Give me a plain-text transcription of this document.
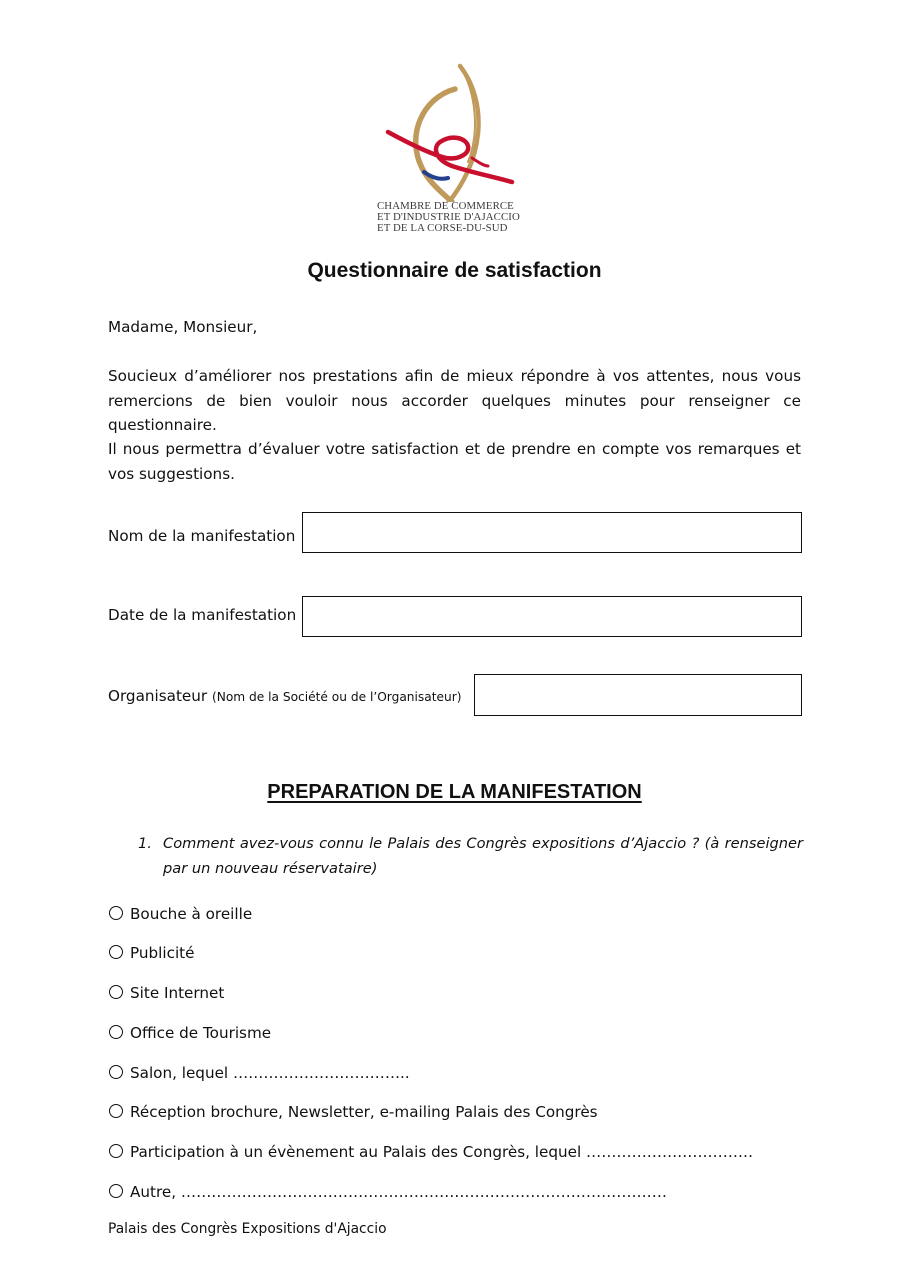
CHAMBRE DE COMMERCE
ET D'INDUSTRIE D'AJACCIO
ET DE LA CORSE-DU-SUD
Questionnaire de satisfaction
Madame, Monsieur,
Soucieux d’améliorer nos prestations afin de mieux répondre à vos attentes, nous vous remercions de bien vouloir nous accorder quelques minutes pour renseigner ce questionnaire.
Il nous permettra d’évaluer votre satisfaction et de prendre en compte vos remarques et vos suggestions.
Nom de la manifestation
Date de la manifestation
Organisateur (Nom de la Société ou de l’Organisateur)
PREPARATION DE LA MANIFESTATION
1. Comment avez-vous connu le Palais des Congrès expositions d’Ajaccio ? (à renseigner par un nouveau réservataire)
Bouche à oreille
Publicité
Site Internet
Office de Tourisme
Salon, lequel ……………………………..
Réception brochure, Newsletter, e-mailing Palais des Congrès
Participation à un évènement au Palais des Congrès, lequel ……………………………
Autre, ……………………………………………………………………………………
Palais des Congrès Expositions d'Ajaccio
